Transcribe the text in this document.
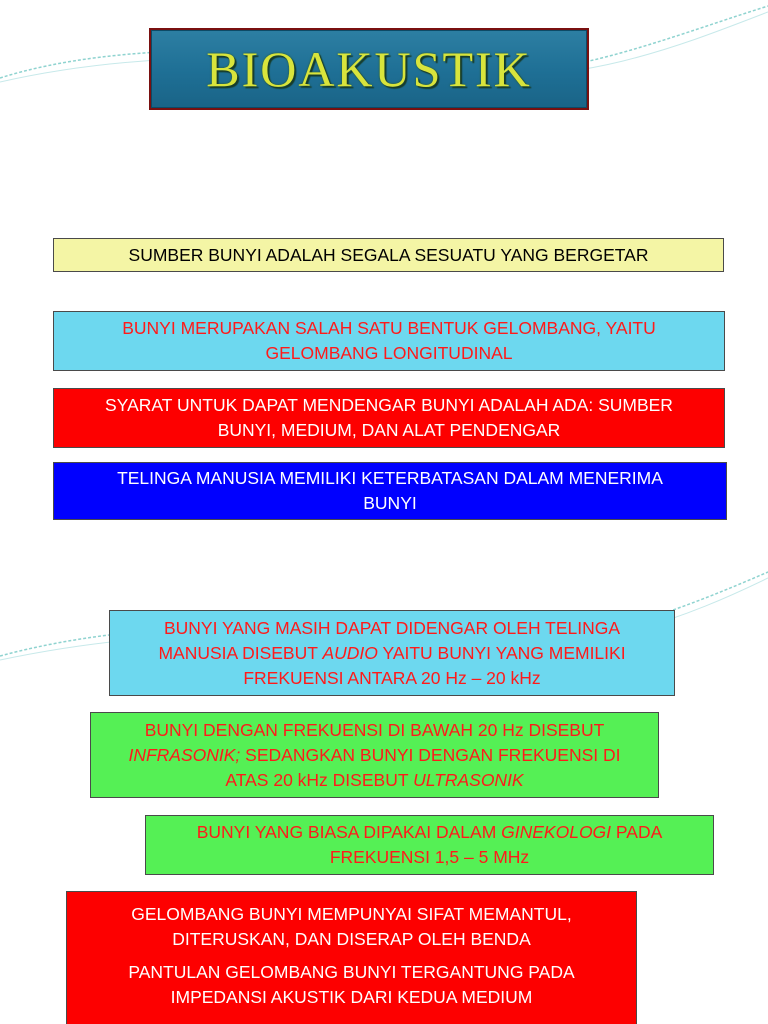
BIOAKUSTIK
SUMBER BUNYI ADALAH SEGALA SESUATU YANG BERGETAR
BUNYI MERUPAKAN SALAH SATU BENTUK GELOMBANG, YAITU
GELOMBANG LONGITUDINAL
SYARAT UNTUK DAPAT MENDENGAR BUNYI ADALAH ADA: SUMBER
BUNYI, MEDIUM, DAN ALAT PENDENGAR
TELINGA MANUSIA MEMILIKI KETERBATASAN DALAM MENERIMA
BUNYI
BUNYI YANG MASIH DAPAT DIDENGAR OLEH TELINGA
MANUSIA DISEBUT AUDIO YAITU BUNYI YANG MEMILIKI
FREKUENSI ANTARA 20 Hz – 20 kHz
BUNYI DENGAN FREKUENSI DI BAWAH 20 Hz DISEBUT
INFRASONIK; SEDANGKAN BUNYI DENGAN FREKUENSI DI
ATAS 20 kHz DISEBUT ULTRASONIK
BUNYI YANG BIASA DIPAKAI DALAM GINEKOLOGI PADA
FREKUENSI 1,5 – 5 MHz
GELOMBANG BUNYI MEMPUNYAI SIFAT MEMANTUL,
DITERUSKAN, DAN DISERAP OLEH BENDA
PANTULAN GELOMBANG BUNYI TERGANTUNG PADA
IMPEDANSI AKUSTIK DARI KEDUA MEDIUM
